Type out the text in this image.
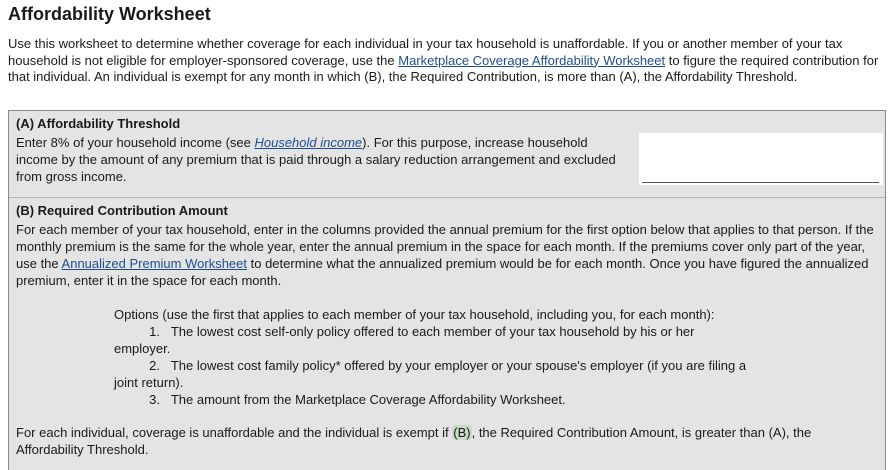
Affordability Worksheet

Use this worksheet to determine whether coverage for each individual in your tax household is unaffordable. If you or another member of your tax household is not eligible for employer-sponsored coverage, use the Marketplace Coverage Affordability Worksheet to figure the required contribution for that individual. An individual is exempt for any month in which (B), the Required Contribution, is more than (A), the Affordability Threshold.

(A) Affordability Threshold
Enter 8% of your household income (see Household income). For this purpose, increase household income by the amount of any premium that is paid through a salary reduction arrangement and excluded from gross income.
(B) Required Contribution Amount
For each member of your tax household, enter in the columns provided the annual premium for the first option below that applies to that person. If the monthly premium is the same for the whole year, enter the annual premium in the space for each month. If the premiums cover only part of the year, use the Annualized Premium Worksheet to determine what the annualized premium would be for each month. Once you have figured the annualized premium, enter it in the space for each month.
Options (use the first that applies to each member of your tax household, including you, for each month):
1. The lowest cost self-only policy offered to each member of your tax household by his or her employer.
2. The lowest cost family policy* offered by your employer or your spouse's employer (if you are filing a joint return).
3. The amount from the Marketplace Coverage Affordability Worksheet.
For each individual, coverage is unaffordable and the individual is exempt if (B), the Required Contribution Amount, is greater than (A), the Affordability Threshold.
